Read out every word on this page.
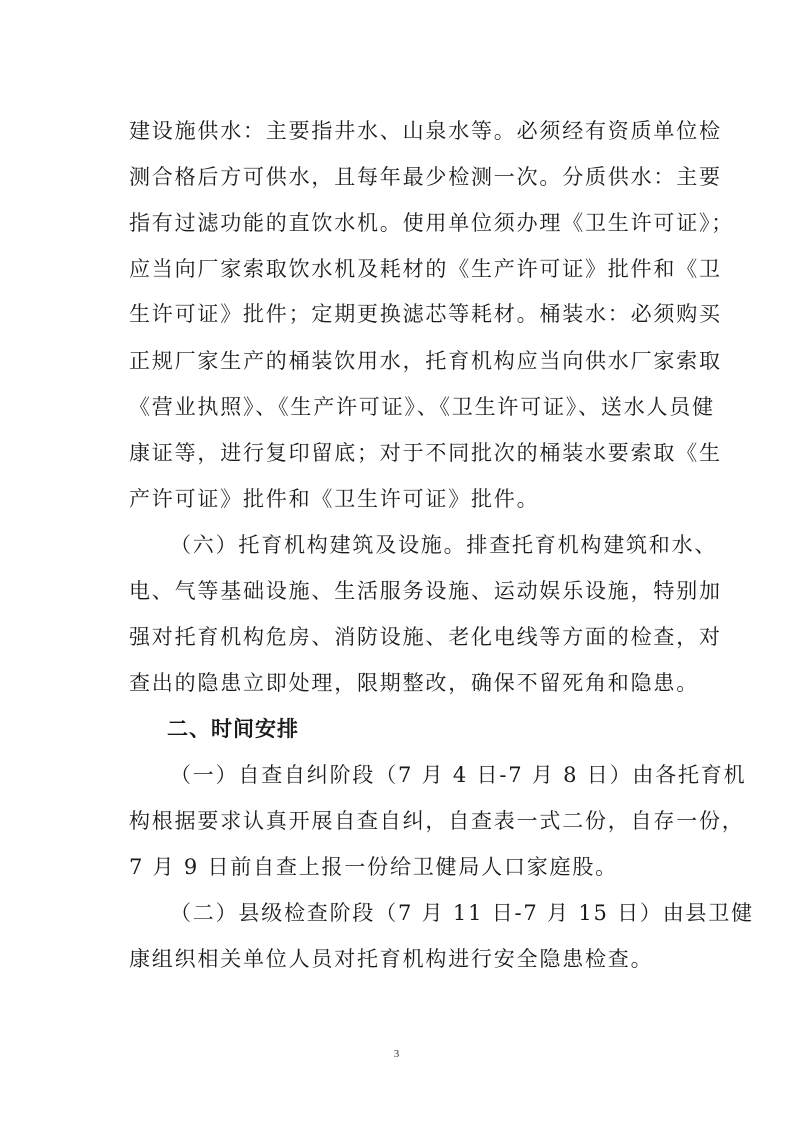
建设施供水：主要指井水、山泉水等。必须经有资质单位检
测合格后方可供水，且每年最少检测一次。分质供水：主要
指有过滤功能的直饮水机。使用单位须办理《卫生许可证》；
应当向厂家索取饮水机及耗材的《生产许可证》批件和《卫
生许可证》批件；定期更换滤芯等耗材。桶装水：必须购买
正规厂家生产的桶装饮用水，托育机构应当向供水厂家索取
《营业执照》、《生产许可证》、《卫生许可证》、送水人员健
康证等，进行复印留底；对于不同批次的桶装水要索取《生
产许可证》批件和《卫生许可证》批件。
（六）托育机构建筑及设施。排查托育机构建筑和水、
电、气等基础设施、生活服务设施、运动娱乐设施，特别加
强对托育机构危房、消防设施、老化电线等方面的检查，对
查出的隐患立即处理，限期整改，确保不留死角和隐患。
二、时间安排
（一）自查自纠阶段（7 月 4 日-7 月 8 日）由各托育机
构根据要求认真开展自查自纠，自查表一式二份，自存一份，
7 月 9 日前自查上报一份给卫健局人口家庭股。
（二）县级检查阶段（7 月 11 日-7 月 15 日）由县卫健
康组织相关单位人员对托育机构进行安全隐患检查。
3
